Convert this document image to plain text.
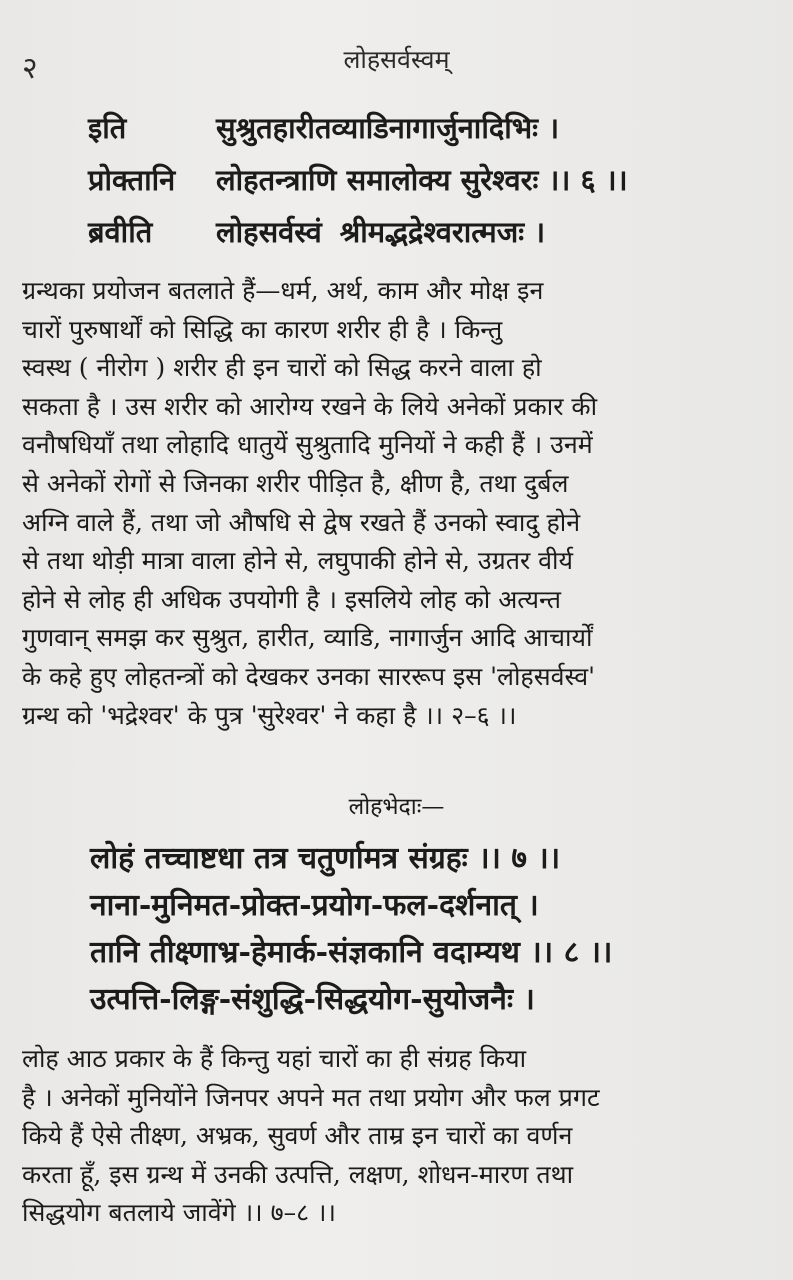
२	लोहसर्वस्वम्
इति	सुश्रुतहारीतव्याडिनागार्जुनादिभिः ।
प्रोक्तानि	लोहतन्त्राणि समालोक्य सुरेश्वरः ।। ६ ।।
ब्रवीति	लोहसर्वस्वं श्रीमद्भद्रेश्वरात्मजः ।

ग्रन्थका प्रयोजन बतलाते हैं—धर्म, अर्थ, काम और मोक्ष इन

चारों पुरुषार्थों को सिद्धि का कारण शरीर ही है । किन्तु

स्वस्थ ( नीरोग ) शरीर ही इन चारों को सिद्ध करने वाला हो

सकता है । उस शरीर को आरोग्य रखने के लिये अनेकों प्रकार की

वनौषधियाँ तथा लोहादि धातुयें सुश्रुतादि मुनियों ने कही हैं । उनमें

से अनेकों रोगों से जिनका शरीर पीड़ित है, क्षीण है, तथा दुर्बल

अग्नि वाले हैं, तथा जो औषधि से द्वेष रखते हैं उनको स्वादु होने

से तथा थोड़ी मात्रा वाला होने से, लघुपाकी होने से, उग्रतर वीर्य

होने से लोह ही अधिक उपयोगी है । इसलिये लोह को अत्यन्त

गुणवान् समझ कर सुश्रुत, हारीत, व्याडि, नागार्जुन आदि आचार्यों

के कहे हुए लोहतन्त्रों को देखकर उनका साररूप इस 'लोहसर्वस्व'

ग्रन्थ को 'भद्रेश्वर' के पुत्र 'सुरेश्वर' ने कहा है ।। २–६ ।।

लोहभेदाः—
लोहं तच्चाष्टधा तत्र चतुर्णामत्र संग्रहः ।। ७ ।।
नाना-मुनिमत-प्रोक्त-प्रयोग-फल-दर्शनात् ।
तानि तीक्ष्णाभ्र-हेमार्क-संज्ञकानि वदाम्यथ ।। ८ ।।
उत्पत्ति-लिङ्ग-संशुद्धि-सिद्धयोग-सुयोजनैः ।

लोह आठ प्रकार के हैं किन्तु यहां चारों का ही संग्रह किया

है । अनेकों मुनियोंने जिनपर अपने मत तथा प्रयोग और फल प्रगट

किये हैं ऐसे तीक्ष्ण, अभ्रक, सुवर्ण और ताम्र इन चारों का वर्णन

करता हूँ, इस ग्रन्थ में उनकी उत्पत्ति, लक्षण, शोधन-मारण तथा

सिद्धयोग बतलाये जावेंगे ।। ७–८ ।।
